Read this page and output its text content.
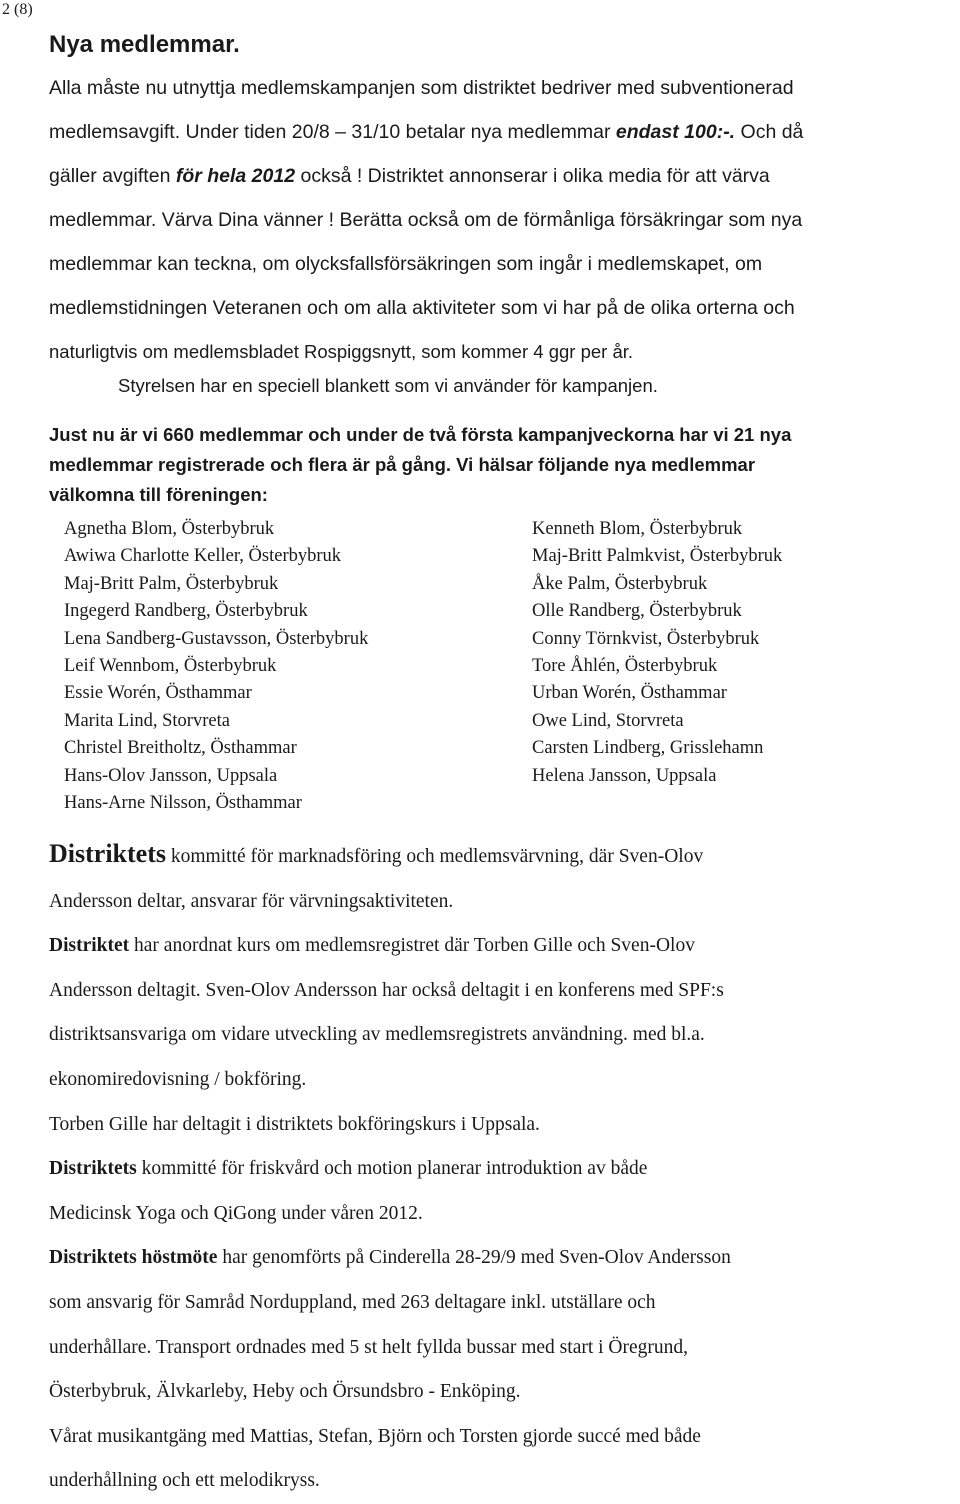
2 (8)
Nya medlemmar.
Alla måste nu utnyttja medlemskampanjen som distriktet bedriver med subventionerad
medlemsavgift. Under tiden 20/8 – 31/10 betalar nya medlemmar endast 100:-. Och då
gäller avgiften för hela 2012 också ! Distriktet annonserar i olika media för att värva
medlemmar. Värva Dina vänner ! Berätta också om de förmånliga försäkringar som nya
medlemmar kan teckna, om olycksfallsförsäkringen som ingår i medlemskapet, om
medlemstidningen Veteranen och om alla aktiviteter som vi har på de olika orterna och
naturligtvis om medlemsbladet Rospiggsnytt, som kommer 4 ggr per år.
Styrelsen har en speciell blankett som vi använder för kampanjen.
Just nu är vi 660 medlemmar och under de två första kampanjveckorna har vi 21 nya
medlemmar registrerade och flera är på gång. Vi hälsar följande nya medlemmar
välkomna till föreningen:
Agnetha Blom, Österbybruk
Awiwa Charlotte Keller, Österbybruk
Maj-Britt Palm, Österbybruk
Ingegerd Randberg, Österbybruk
Lena Sandberg-Gustavsson, Österbybruk
Leif Wennbom, Österbybruk
Essie Worén, Östhammar
Marita Lind, Storvreta
Christel Breitholtz, Östhammar
Hans-Olov Jansson, Uppsala
Hans-Arne Nilsson, Östhammar
Kenneth Blom, Österbybruk
Maj-Britt Palmkvist, Österbybruk
Åke Palm, Österbybruk
Olle Randberg, Österbybruk
Conny Törnkvist, Österbybruk
Tore Åhlén, Österbybruk
Urban Worén, Östhammar
Owe Lind, Storvreta
Carsten Lindberg, Grisslehamn
Helena Jansson, Uppsala
Distriktets kommitté för marknadsföring och medlemsvärvning, där Sven-Olov
Andersson deltar, ansvarar för värvningsaktiviteten.
Distriktet har anordnat kurs om medlemsregistret där Torben Gille och Sven-Olov
Andersson deltagit. Sven-Olov Andersson har också deltagit i en konferens med SPF:s
distriktsansvariga om vidare utveckling av medlemsregistrets användning. med bl.a.
ekonomiredovisning / bokföring.
Torben Gille har deltagit i distriktets bokföringskurs i Uppsala.
Distriktets kommitté för friskvård och motion planerar introduktion av både
Medicinsk Yoga och QiGong under våren 2012.
Distriktets höstmöte har genomförts på Cinderella 28-29/9 med Sven-Olov Andersson
som ansvarig för Samråd Norduppland, med 263 deltagare inkl. utställare och
underhållare. Transport ordnades med 5 st helt fyllda bussar med start i Öregrund,
Österbybruk, Älvkarleby, Heby och Örsundsbro - Enköping.
Vårat musikantgäng med Mattias, Stefan, Björn och Torsten gjorde succé med både
underhållning och ett melodikryss.
